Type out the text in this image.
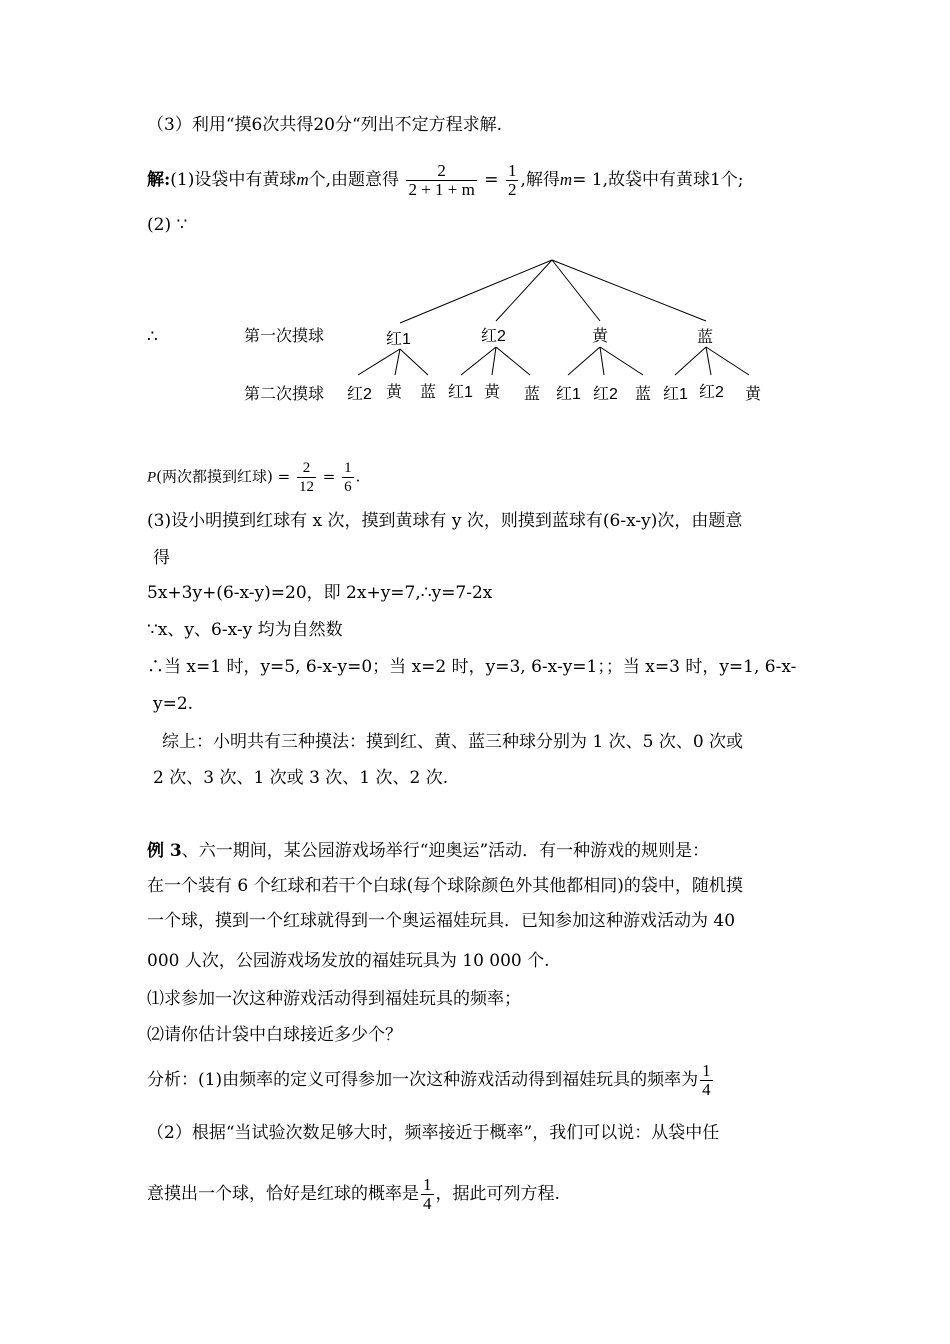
（3）利用“摸6次共得20分“列出不定方程求解.
解:(1)设袋中有黄球m个,由题意得 $\frac{2}{2 + 1 + m} = \frac{1}{2}$ ,解得m= 1,故袋中有黄球1个;
(2) ∵
∴	第一次摸球
第二次摸球
红1	红2	黄	蓝
红2 黄 蓝 红1 黄 蓝 红1 红2 蓝 红1 红2 黄
P(两次都摸到红球) = $\frac{2}{12} = \frac{1}{6}$ .
(3)设小明摸到红球有 x 次，摸到黄球有 y 次，则摸到蓝球有(6-x-y)次，由题意
得
5x+3y+(6-x-y)=20，即 2x+y=7,∴y=7-2x
∵x、y、6-x-y 均为自然数
∴当 x=1 时，y=5, 6-x-y=0；当 x=2 时，y=3, 6-x-y=1；；当 x=3 时，y=1, 6-x-
y=2.
综上：小明共有三种摸法：摸到红、黄、蓝三种球分别为 1 次、5 次、0 次或
2 次、3 次、1 次或 3 次、1 次、2 次.
例 3、六一期间，某公园游戏场举行“迎奥运”活动．有一种游戏的规则是：
在一个装有 6 个红球和若干个白球(每个球除颜色外其他都相同)的袋中，随机摸
一个球，摸到一个红球就得到一个奥运福娃玩具．已知参加这种游戏活动为 40
000 人次，公园游戏场发放的福娃玩具为 10 000 个.
⑴求参加一次这种游戏活动得到福娃玩具的频率；
⑵请你估计袋中白球接近多少个？
分析：(1)由频率的定义可得参加一次这种游戏活动得到福娃玩具的频率为 $\frac{1}{4}$
（2）根据“当试验次数足够大时，频率接近于概率”，我们可以说：从袋中任
意摸出一个球，恰好是红球的概率是 $\frac{1}{4}$ ，据此可列方程.
